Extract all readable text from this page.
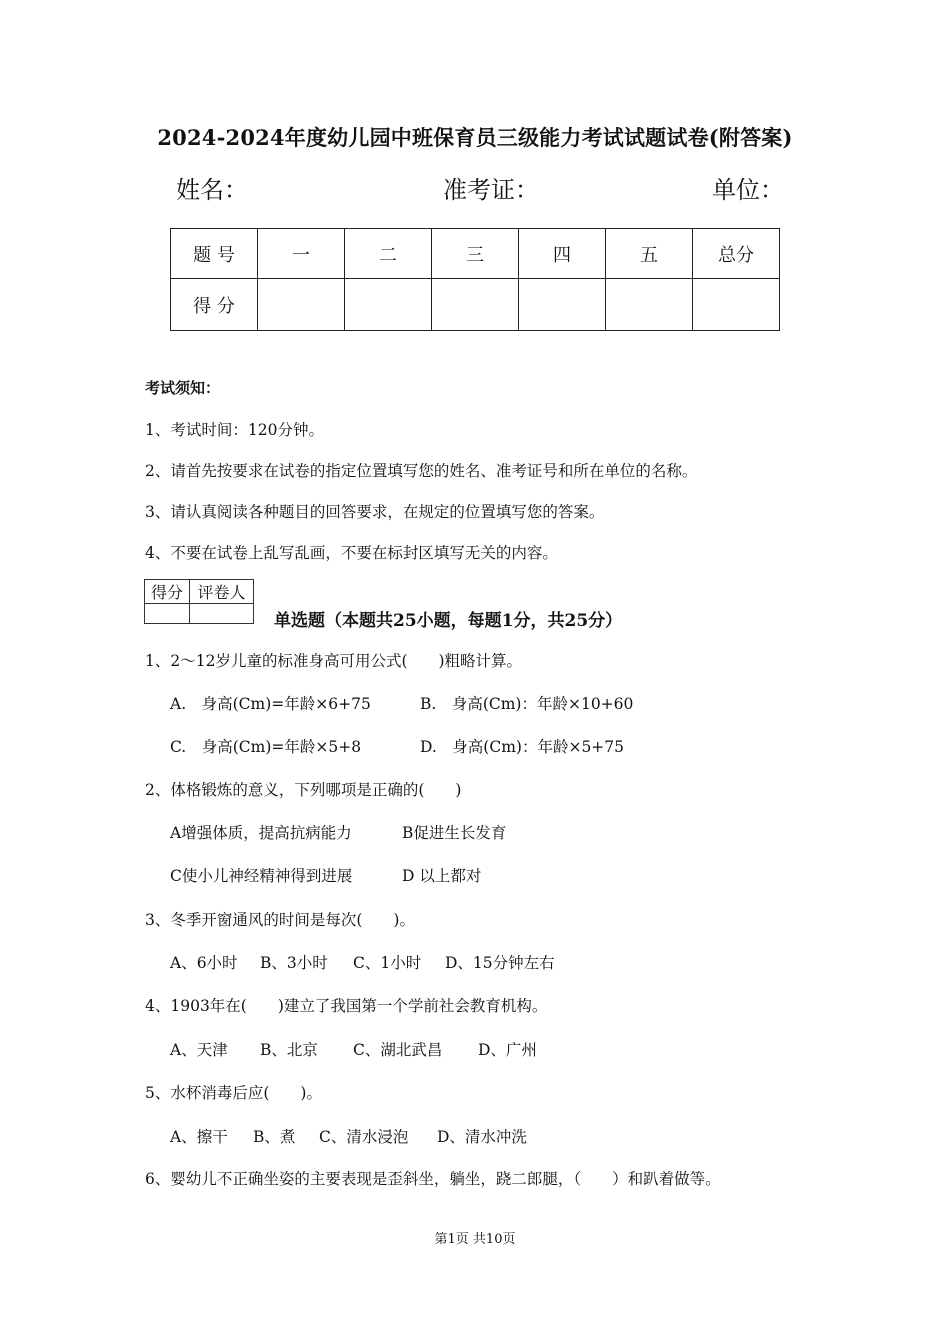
2024-2024年度幼儿园中班保育员三级能力考试试题试卷(附答案)
姓名：	准考证：	单位：
题 号	一	二	三	四	五	总分
得 分						
考试须知：
1、考试时间：120分钟。
2、请首先按要求在试卷的指定位置填写您的姓名、准考证号和所在单位的名称。
3、请认真阅读各种题目的回答要求，在规定的位置填写您的答案。
4、不要在试卷上乱写乱画，不要在标封区填写无关的内容。
得分	评卷人

单选题（本题共25小题，每题1分，共25分）
1、2～12岁儿童的标准身高可用公式(　　)粗略计算。
A.　身高(Cm)=年龄×6+75	B.　身高(Cm)：年龄×10+60
C.　身高(Cm)=年龄×5+8	D.　身高(Cm)：年龄×5+75
2、体格锻炼的意义，下列哪项是正确的(　　)
A增强体质，提高抗病能力	B促进生长发育
C使小儿神经精神得到进展	D 以上都对
3、冬季开窗通风的时间是每次(　　)。
A、6小时 B、3小时 C、1小时 D、15分钟左右
4、1903年在(　　)建立了我国第一个学前社会教育机构。
A、天津 B、北京 C、湖北武昌 D、广州
5、水杯消毒后应(　　)。
A、擦干 B、煮 C、清水浸泡 D、清水冲洗
6、婴幼儿不正确坐姿的主要表现是歪斜坐，躺坐，跷二郎腿，（　　）和趴着做等。
第1页 共10页
